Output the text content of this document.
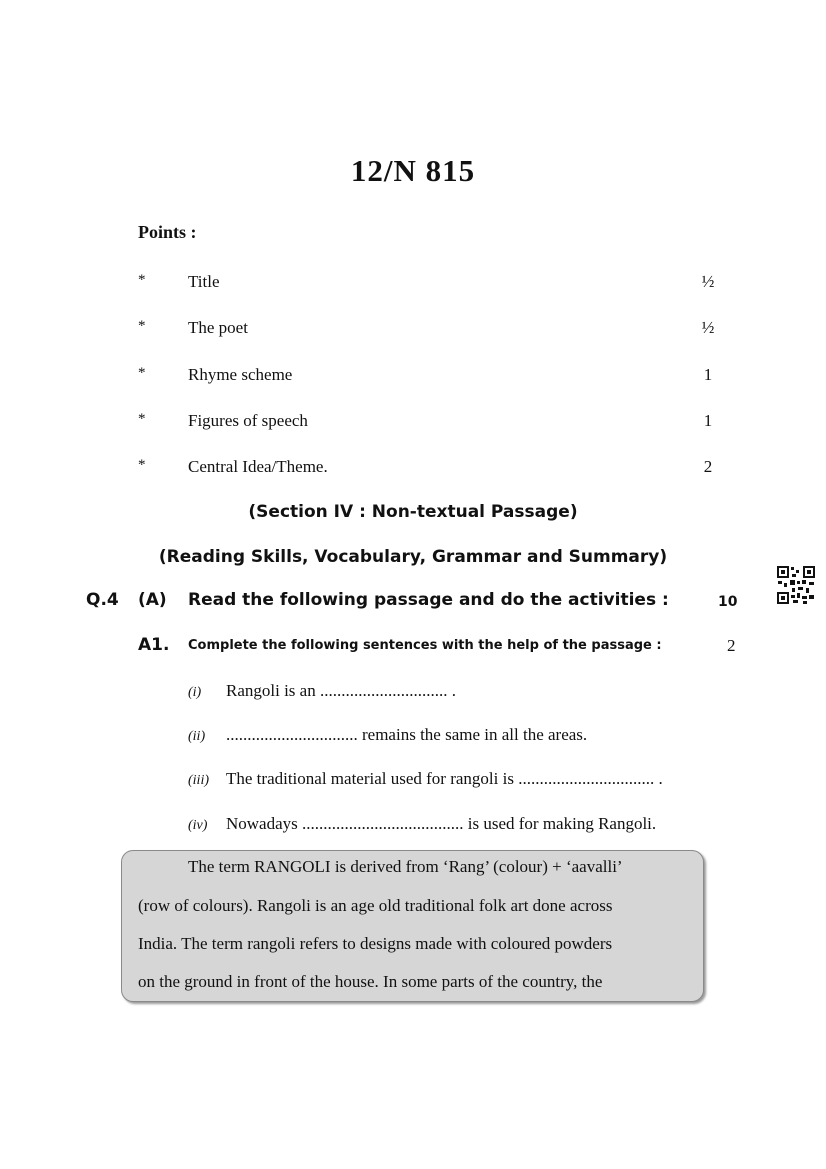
12/N 815
Points :
*	Title	½
*	The poet	½
*	Rhyme scheme	1
*	Figures of speech	1
*	Central Idea/Theme.	2
(Section IV : Non-textual Passage)
(Reading Skills, Vocabulary, Grammar and Summary)
Q.4 (A) Read the following passage and do the activities :	10
A1. Complete the following sentences with the help of the passage :	2
(i) Rangoli is an .............................. .
(ii) ............................... remains the same in all the areas.
(iii) The traditional material used for rangoli is ................................ .
(iv) Nowadays ...................................... is used for making Rangoli.
The term RANGOLI is derived from ‘Rang’ (colour) + ‘aavalli’
(row of colours). Rangoli is an age old traditional folk art done across
India. The term rangoli refers to designs made with coloured powders
on the ground in front of the house. In some parts of the country, the
